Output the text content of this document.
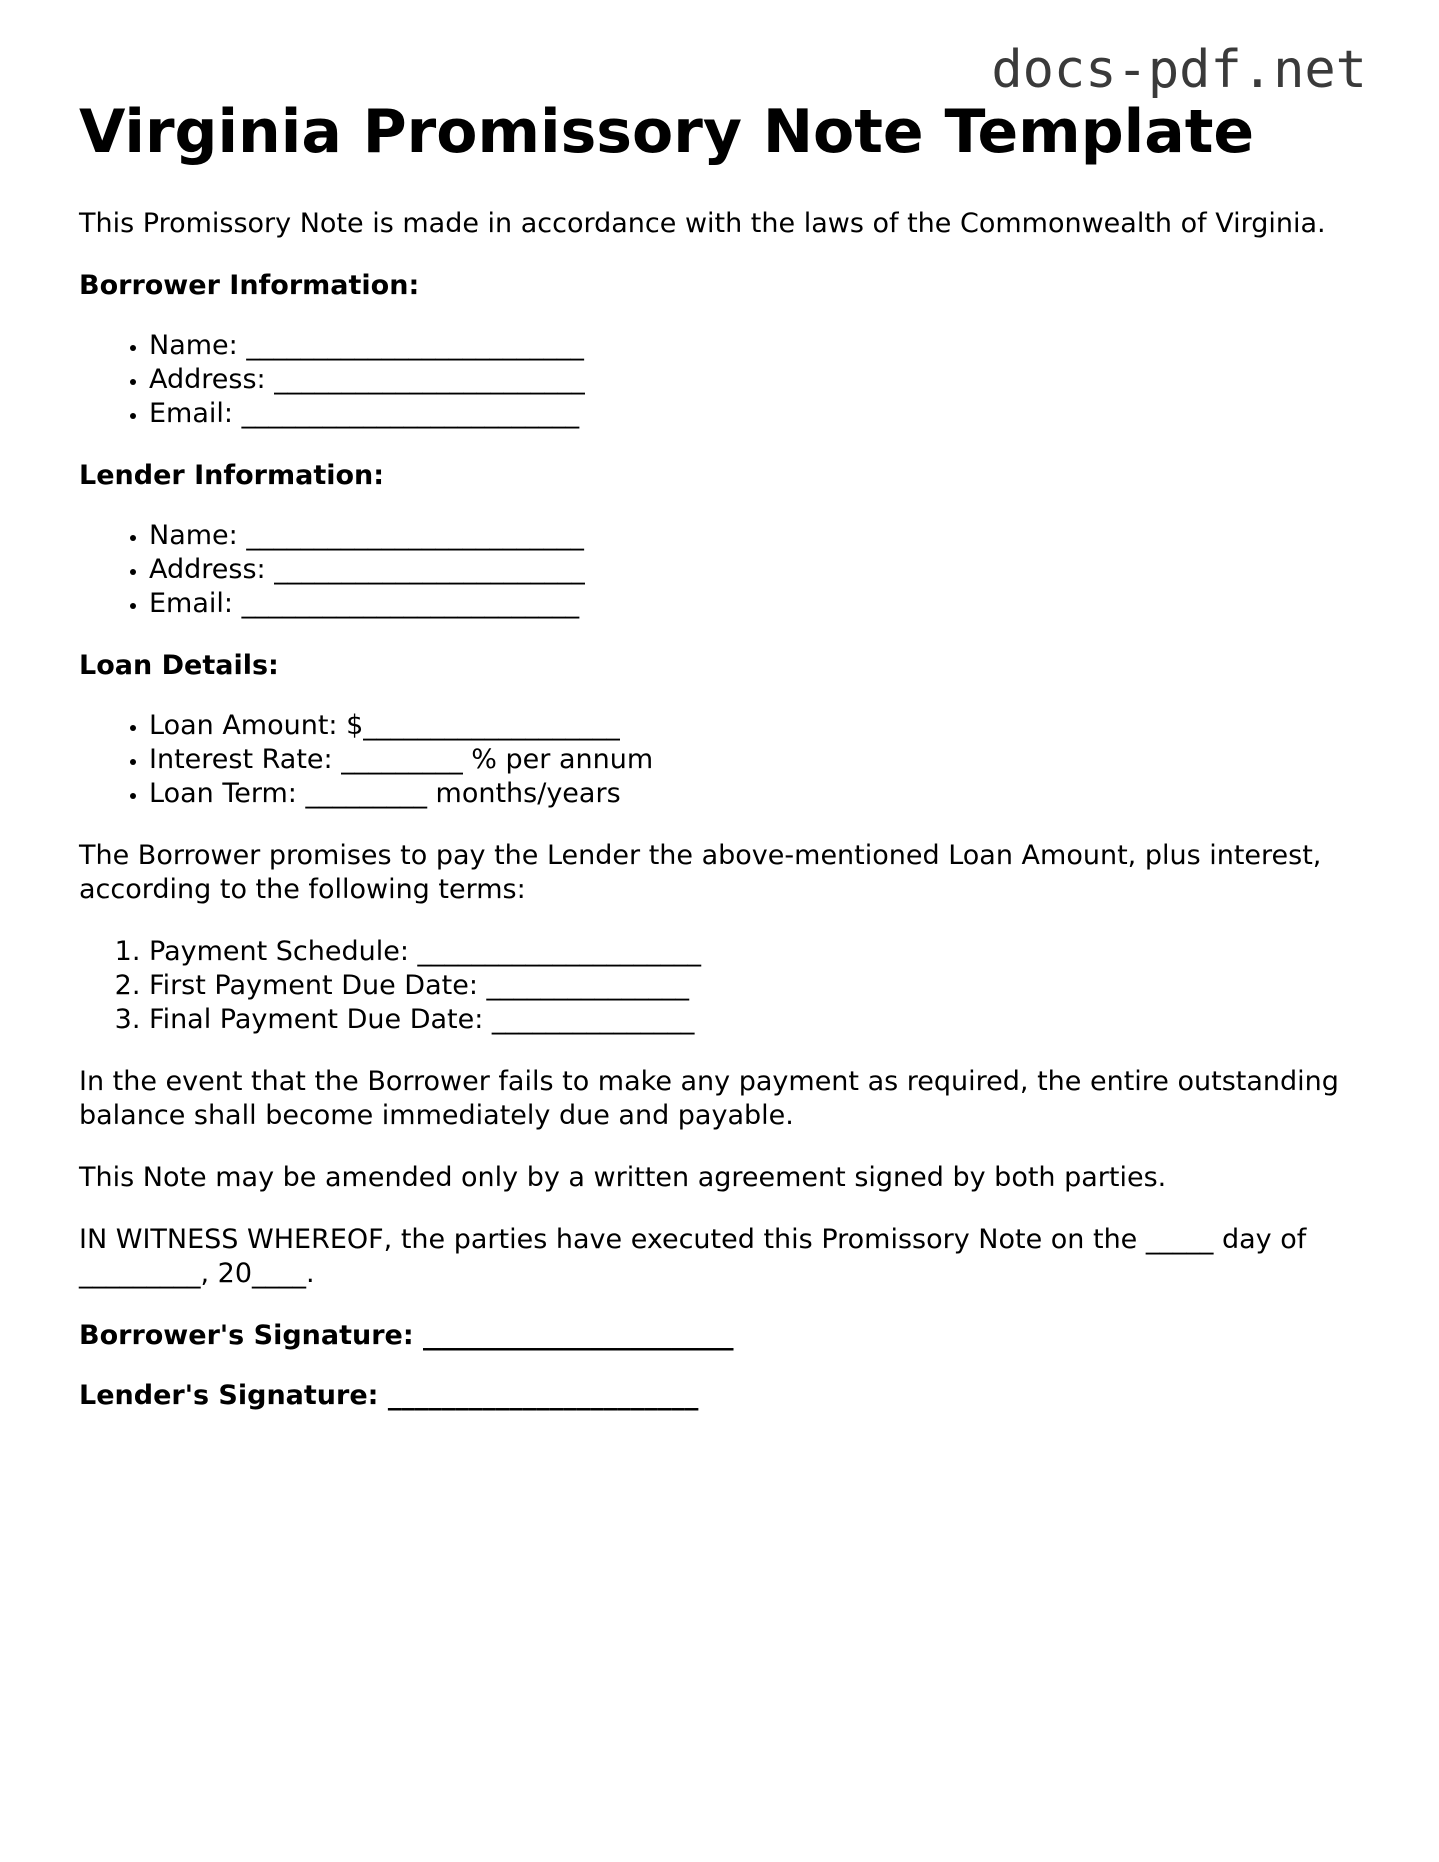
docs-pdf.net
Virginia Promissory Note Template

This Promissory Note is made in accordance with the laws of the Commonwealth of Virginia.

Borrower Information:

• Name: _________________________
• Address: _______________________
• Email: _________________________

Lender Information:

• Name: _________________________
• Address: _______________________
• Email: _________________________

Loan Details:

• Loan Amount: $___________________
• Interest Rate: _________ % per annum
• Loan Term: _________ months/years

The Borrower promises to pay the Lender the above-mentioned Loan Amount, plus interest, according to the following terms:

1. Payment Schedule: _____________________
2. First Payment Due Date: _______________
3. Final Payment Due Date: _______________

In the event that the Borrower fails to make any payment as required, the entire outstanding balance shall become immediately due and payable.

This Note may be amended only by a written agreement signed by both parties.

IN WITNESS WHEREOF, the parties have executed this Promissory Note on the _____ day of _________, 20____.

Borrower's Signature: _______________________

Lender's Signature: _______________________
